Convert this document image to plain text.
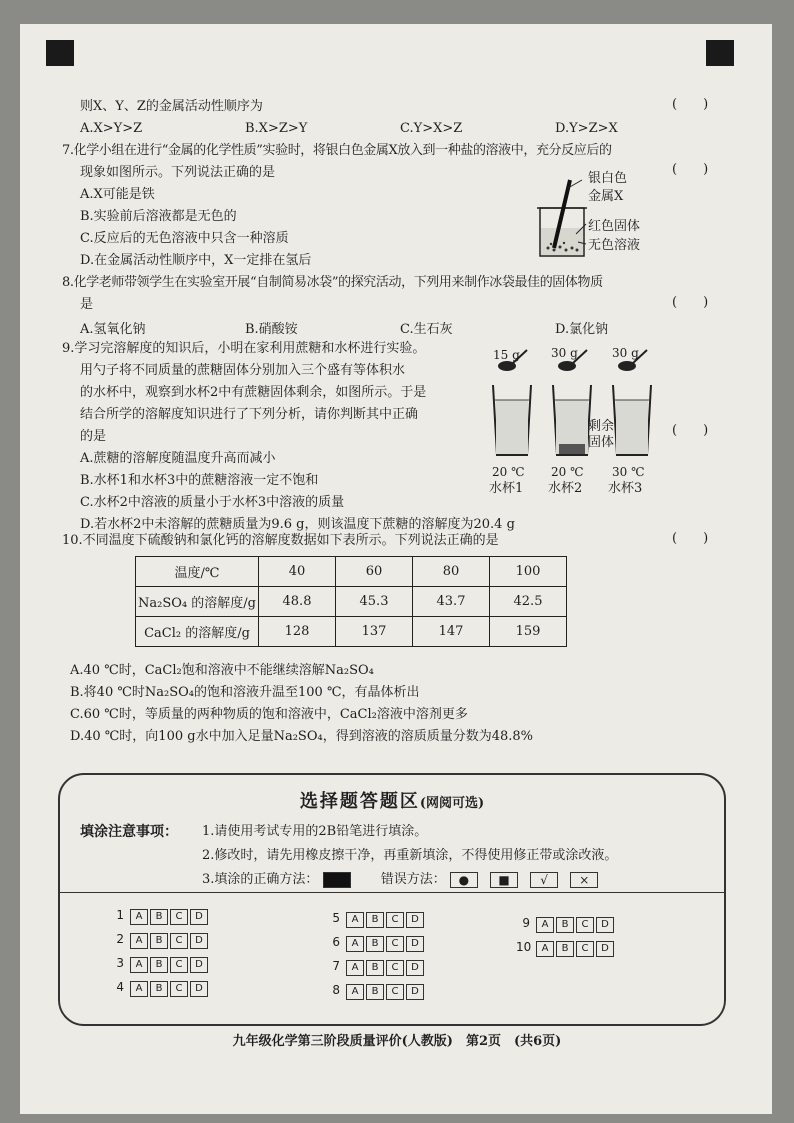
则X、Y、Z的金属活动性顺序为	(　　)
A.X>Y>Z	B.X>Z>Y	C.Y>X>Z	D.Y>Z>X
7.化学小组在进行“金属的化学性质”实验时，将银白色金属X放入到一种盐的溶液中，充分反应后的
现象如图所示。下列说法正确的是	(　　)
A.X可能是铁
B.实验前后溶液都是无色的
C.反应后的无色溶液中只含一种溶质
D.在金属活动性顺序中，X一定排在氢后
银白色
金属X
红色固体
无色溶液
8.化学老师带领学生在实验室开展“自制简易冰袋”的探究活动，下列用来制作冰袋最佳的固体物质
是	(　　)
A.氢氧化钠	B.硝酸铵	C.生石灰	D.氯化钠
9.学习完溶解度的知识后，小明在家利用蔗糖和水杯进行实验。
用勺子将不同质量的蔗糖固体分别加入三个盛有等体积水
的水杯中，观察到水杯2中有蔗糖固体剩余，如图所示。于是
结合所学的溶解度知识进行了下列分析，请你判断其中正确
的是	(　　)
A.蔗糖的溶解度随温度升高而减小
B.水杯1和水杯3中的蔗糖溶液一定不饱和
C.水杯2中溶液的质量小于水杯3中溶液的质量
D.若水杯2中未溶解的蔗糖质量为9.6 g，则该温度下蔗糖的溶解度为20.4 g
15 g	30 g	30 g
剩余
固体
20 ℃ 20 ℃ 30 ℃
水杯1 水杯2 水杯3
10.不同温度下硫酸钠和氯化钙的溶解度数据如下表所示。下列说法正确的是	(　　)
温度/℃	40	60	80	100
Na₂SO₄ 的溶解度/g	48.8	45.3	43.7	42.5
CaCl₂ 的溶解度/g	128	137	147	159
A.40 ℃时，CaCl₂饱和溶液中不能继续溶解Na₂SO₄
B.将40 ℃时Na₂SO₄的饱和溶液升温至100 ℃，有晶体析出
C.60 ℃时，等质量的两种物质的饱和溶液中，CaCl₂溶液中溶剂更多
D.40 ℃时，向100 g水中加入足量Na₂SO₄，得到溶液的溶质质量分数为48.8%
选择题答题区(网阅可选)
填涂注意事项： 1.请使用考试专用的2B铅笔进行填涂。
2.修改时，请先用橡皮擦干净，再重新填涂，不得使用修正带或涂改液。
3.填涂的正确方法：	错误方法： ● ■	√	×
1 A B C D
2 A B C D
3 A B C D
4 A B C D
5 A B C D
6 A B C D
7 A B C D
8 A B C D
9 A B C D
10 A B C D
九年级化学第三阶段质量评价(人教版)　第2页　(共6页)
